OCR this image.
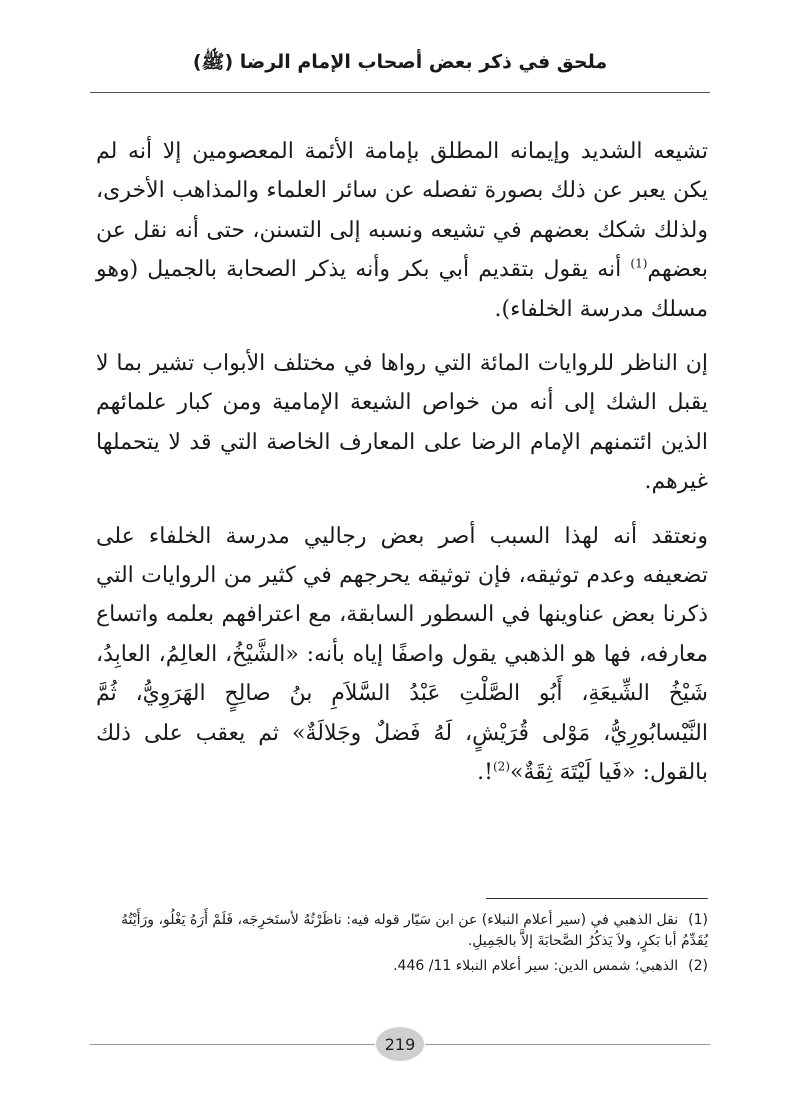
ملحق في ذكر بعض أصحاب الإمام الرضا (ﷺ)

تشيعه الشديد وإيمانه المطلق بإمامة الأئمة المعصومين إلا أنه لم يكن يعبر عن ذلك بصورة تفصله عن سائر العلماء والمذاهب الأخرى، ولذلك شكك بعضهم في تشيعه ونسبه إلى التسنن، حتى أنه نقل عن بعضهم$^{(1)}$ أنه يقول بتقديم أبي بكر وأنه يذكر الصحابة بالجميل (وهو مسلك مدرسة الخلفاء).

إن الناظر للروايات المائة التي رواها في مختلف الأبواب تشير بما لا يقبل الشك إلى أنه من خواص الشيعة الإمامية ومن كبار علمائهم الذين ائتمنهم الإمام الرضا على المعارف الخاصة التي قد لا يتحملها غيرهم.

ونعتقد أنه لهذا السبب أصر بعض رجاليي مدرسة الخلفاء على تضعيفه وعدم توثيقه، فإن توثيقه يحرجهم في كثير من الروايات التي ذكرنا بعض عناوينها في السطور السابقة، مع اعترافهم بعلمه واتساع معارفه، فها هو الذهبي يقول واصفًا إياه بأنه: «الشَّيْخُ، العالِمُ، العابِدُ، شَيْخُ الشِّيعَةِ، أَبُو الصَّلْتِ عَبْدُ السَّلاَمِ بنُ صالِحٍ الهَرَوِيُّ، ثُمَّ النَّيْسابُورِيُّ، مَوْلى قُرَيْشٍ، لَهُ فَضلٌ وجَلالَةٌ» ثم يعقب على ذلك بالقول: «فَيا لَيْتَهَ ثِقَةٌ»$^{(2)}$!.

(1)نقل الذهبي في (سير أعلام النبلاء) عن ابن سَيّار قوله فيه: ناظَرْتُهُ لأستَخرِجَه، فَلَمْ أَرَهُ يَغْلُو، ورَأَيْتُهُ يُقَدِّمُ أبا بَكرٍ، ولاَ يَذكُرُ الصَّحابَةَ إلاَّ بالجَمِيلِ.

(2)الذهبي؛ شمس الدين: سير أعلام النبلاء 11/ 446.

219
